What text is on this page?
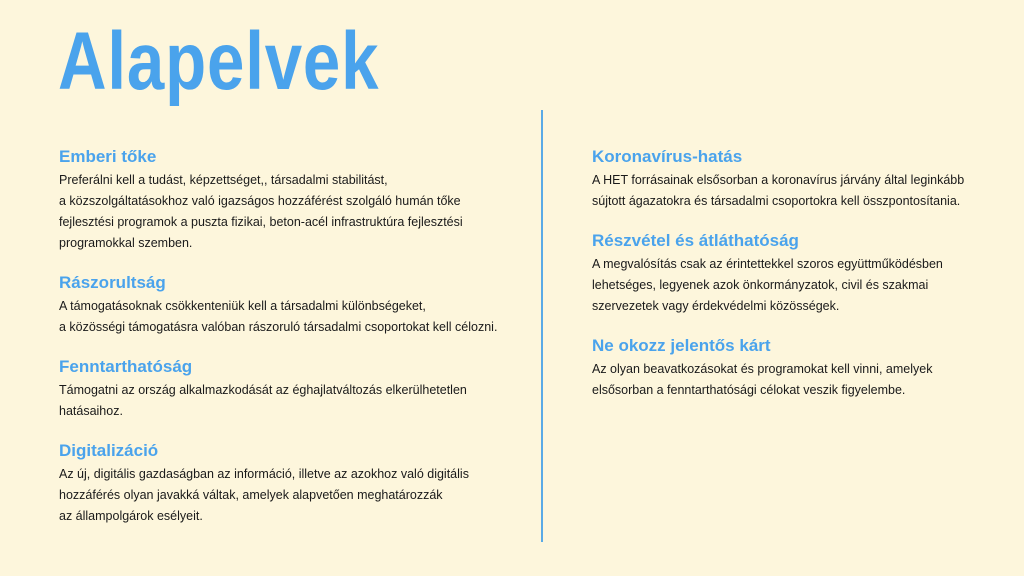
Alapelvek
Emberi tőke

Preferálni kell a tudást, képzettséget,, társadalmi stabilitást,
a közszolgáltatásokhoz való igazságos hozzáférést szolgáló humán tőke
fejlesztési programok a puszta fizikai, beton-acél infrastruktúra fejlesztési
programokkal szemben.

Rászorultság

A támogatásoknak csökkenteniük kell a társadalmi különbségeket,
a közösségi támogatásra valóban rászoruló társadalmi csoportokat kell célozni.

Fenntarthatóság

Támogatni az ország alkalmazkodását az éghajlatváltozás elkerülhetetlen
hatásaihoz.

Digitalizáció

Az új, digitális gazdaságban az információ, illetve az azokhoz való digitális
hozzáférés olyan javakká váltak, amelyek alapvetően meghatározzák
az állampolgárok esélyeit.

Koronavírus-hatás

A HET forrásainak elsősorban a koronavírus járvány által leginkább
sújtott ágazatokra és társadalmi csoportokra kell összpontosítania.

Részvétel és átláthatóság

A megvalósítás csak az érintettekkel szoros együttműködésben
lehetséges, legyenek azok önkormányzatok, civil és szakmai
szervezetek vagy érdekvédelmi közösségek.

Ne okozz jelentős kárt

Az olyan beavatkozásokat és programokat kell vinni, amelyek
elsősorban a fenntarthatósági célokat veszik figyelembe.
